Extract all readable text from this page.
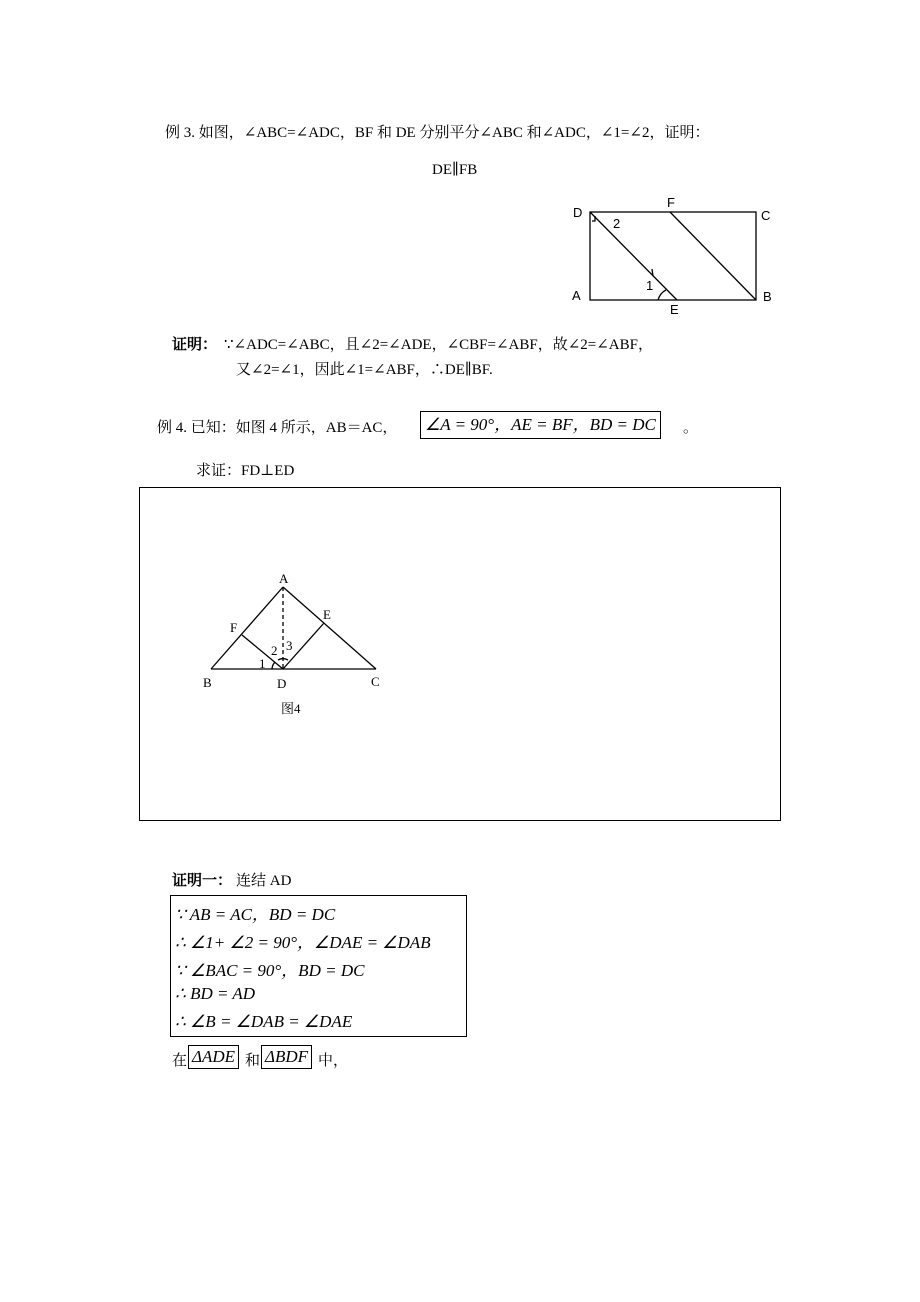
例 3. 如图，∠ABC=∠ADC，BF 和 DE 分别平分∠ABC 和∠ADC，∠1=∠2，证明：
DE∥FB
D
F
C
A
E
B
1
2
证明： ∵∠ADC=∠ABC，且∠2=∠ADE，∠CBF=∠ABF，故∠2=∠ABF，
又∠2=∠1，因此∠1=∠ABF，∴DE∥BF.
例 4. 已知：如图 4 所示，AB＝AC， ∠A = 90°，AE = BF，BD = DC	。
求证：FD⊥ED
A
F
E
B	D	C
1
2 3
图4
证明一： 连结 AD
∵ AB = AC，BD = DC
∴ ∠1+ ∠2 = 90°，∠DAE = ∠DAB
∵ ∠BAC = 90°，BD = DC
∴ BD = AD
∴ ∠B = ∠DAB = ∠DAE
在 ΔADE 和 ΔBDF 中，
